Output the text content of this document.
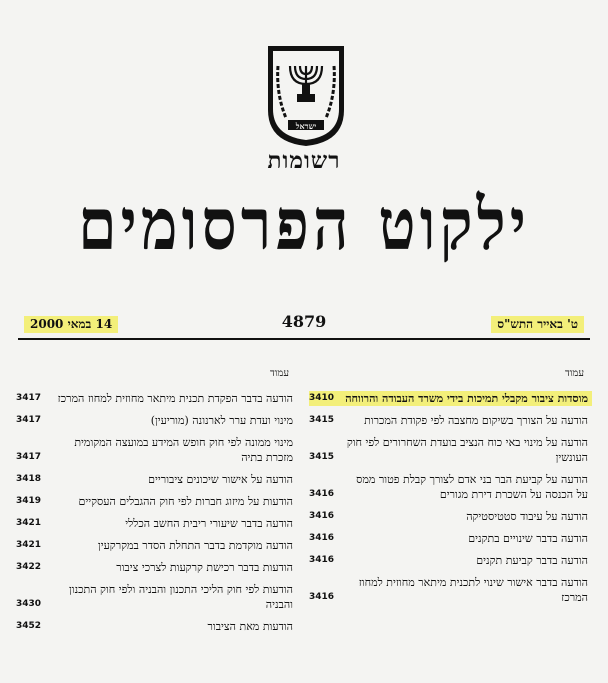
ישראל
רשומות
ילקוט הפרסומים
ט' באייר התש"ס
4879
14 במאי 2000
עמוד
מוסדות ציבור מקבלי תמיכות בידי משרד העבודה והרווחה
3410
הודעה על הצורך בשיקום מחצבה לפי פקודת המכרות
3415
הודעה על מינוי באי כוח הנציב בועדת השחרורים לפי חוק העונשין
3415
הודעה על קביעת הבר בני אדם לצורך קבלת פטור ממס על הכנסה על השכרת דירת מגורים
3416
הודעה על עיבוד סטטיסטיקה
3416
הודעה בדבר שינויים בתקנים
3416
הודעה בדבר קביעת תקנים
3416
הודעה בדבר אישור שינוי לתכנית מיתאר מחוזית למחוז המרכז
3416
עמוד
הודעה בדבר הפקדת תכנית מיתאר מחוזית למחוז המרכז
3417
מינוי ועדת ערר לארנונה (מוריעין)
3417
מינוי ממונה לפי חוק חופש המידע במועצה המקומית מזכרת בתיה
3417
הודעה על אישור שיכונים ציבוריים
3418
הודעות על מיזוג חברות לפי חוק ההגבלים העסקיים
3419
הודעה בדבר שיעורי ריבית החשב הכללי
3421
הודעה מוקדמת בדבר התחלת הסדר במקרקעין
3421
הודעות בדבר רכישת קרקעות לצרכי ציבור
3422
הודעות לפי חוק הליכי התכנון והבניה ולפי חוק התכנון והבניה
3430
הודעות מאת הציבור
3452
